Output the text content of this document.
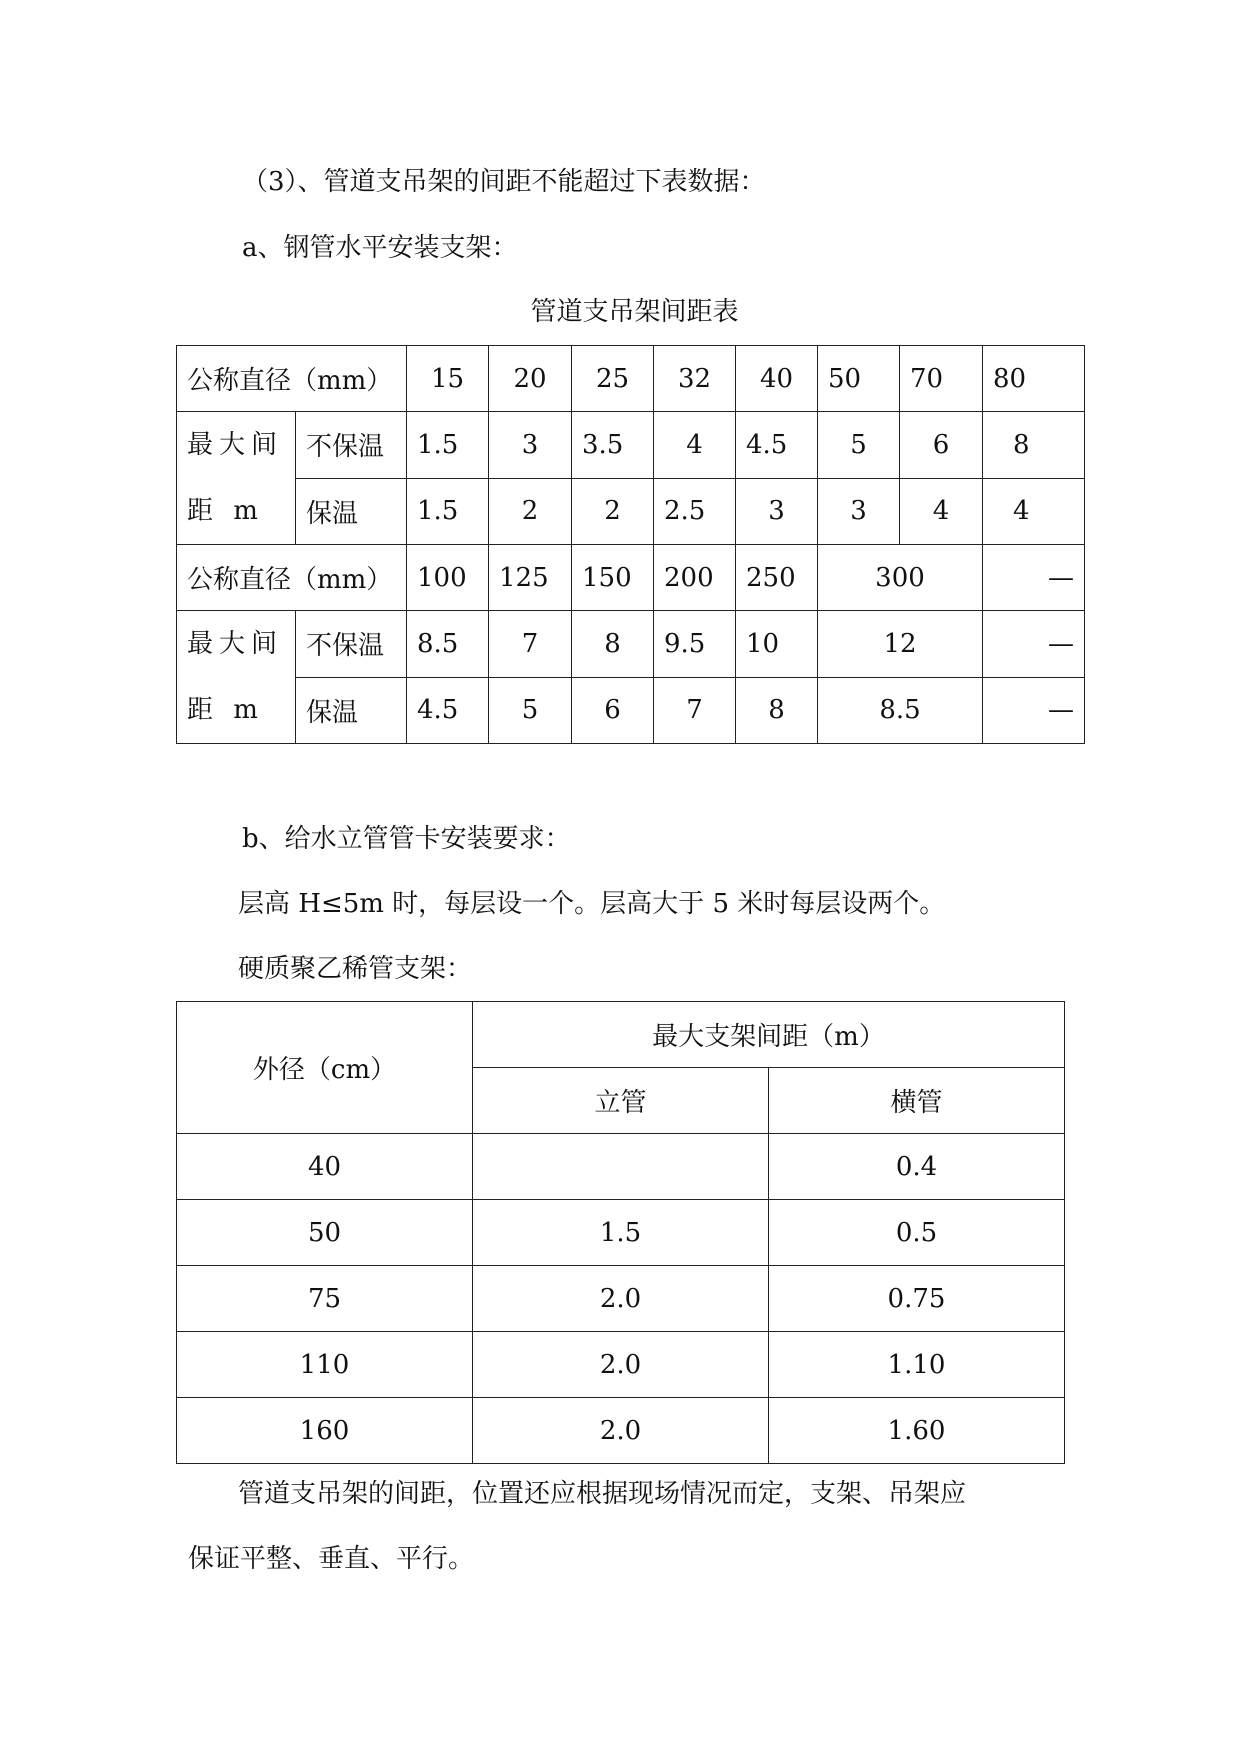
（3）、管道支吊架的间距不能超过下表数据：

a、钢管水平安装支架：

管道支吊架间距表

公称直径（mm）		15	20	25	32	40	50	70	80
最大间
距 m	不保温	1.5	3	3.5	4	4.5	5	6	8
	保温	1.5	2	2	2.5	3	3	4	4
公称直径（mm）		100	125	150	200	250	300		—
最大间
距 m	不保温	8.5	7	8	9.5	10	12		—
	保温	4.5	5	6	7	8	8.5		—

b、给水立管管卡安装要求：

层高 H≤5m 时，每层设一个。层高大于 5 米时每层设两个。

硬质聚乙稀管支架：

外径（cm）	最大支架间距（m）	
	立管	横管
40		0.4
50	1.5	0.5
75	2.0	0.75
110	2.0	1.10
160	2.0	1.60

管道支吊架的间距，位置还应根据现场情况而定，支架、吊架应

保证平整、垂直、平行。
